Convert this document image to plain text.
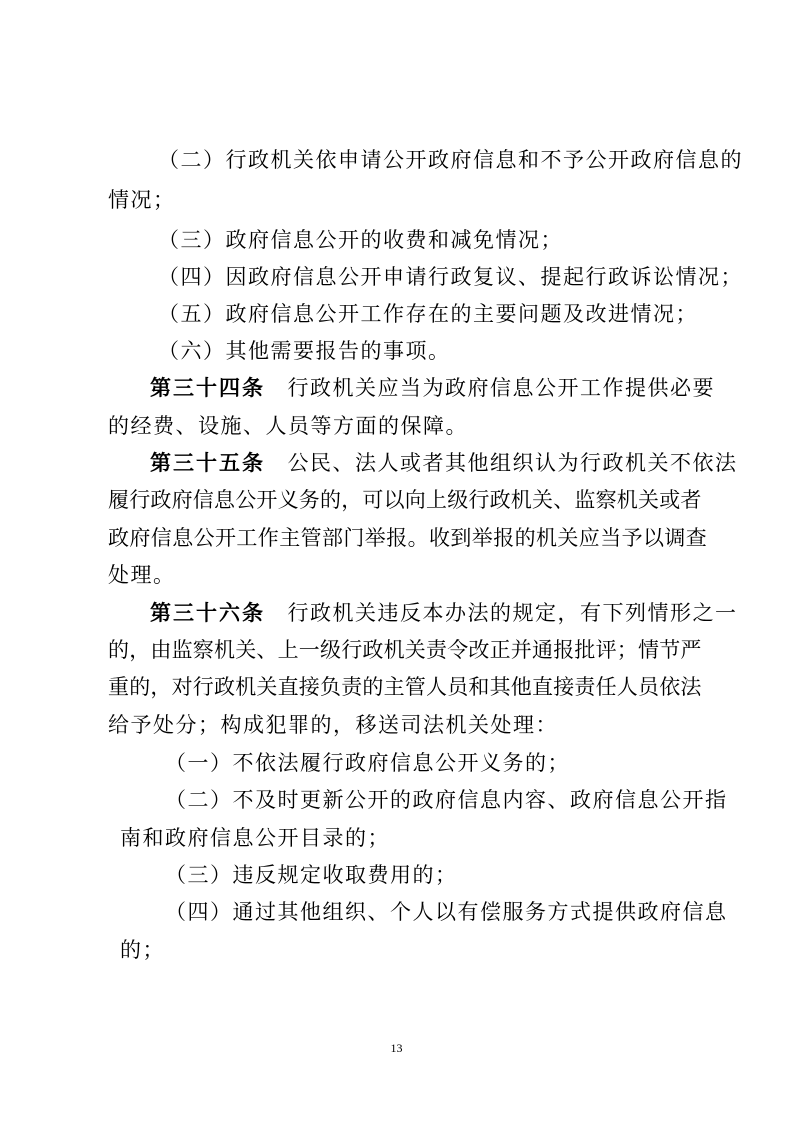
（二）行政机关依申请公开政府信息和不予公开政府信息的
情况；
（三）政府信息公开的收费和减免情况；
（四）因政府信息公开申请行政复议、提起行政诉讼情况；
（五）政府信息公开工作存在的主要问题及改进情况；
（六）其他需要报告的事项。
第三十四条　行政机关应当为政府信息公开工作提供必要
的经费、设施、人员等方面的保障。
第三十五条　公民、法人或者其他组织认为行政机关不依法
履行政府信息公开义务的，可以向上级行政机关、监察机关或者
政府信息公开工作主管部门举报。收到举报的机关应当予以调查
处理。
第三十六条　行政机关违反本办法的规定，有下列情形之一
的，由监察机关、上一级行政机关责令改正并通报批评；情节严
重的，对行政机关直接负责的主管人员和其他直接责任人员依法
给予处分；构成犯罪的，移送司法机关处理：
（一）不依法履行政府信息公开义务的；
（二）不及时更新公开的政府信息内容、政府信息公开指
南和政府信息公开目录的；
（三）违反规定收取费用的；
（四）通过其他组织、个人以有偿服务方式提供政府信息
的；
13
